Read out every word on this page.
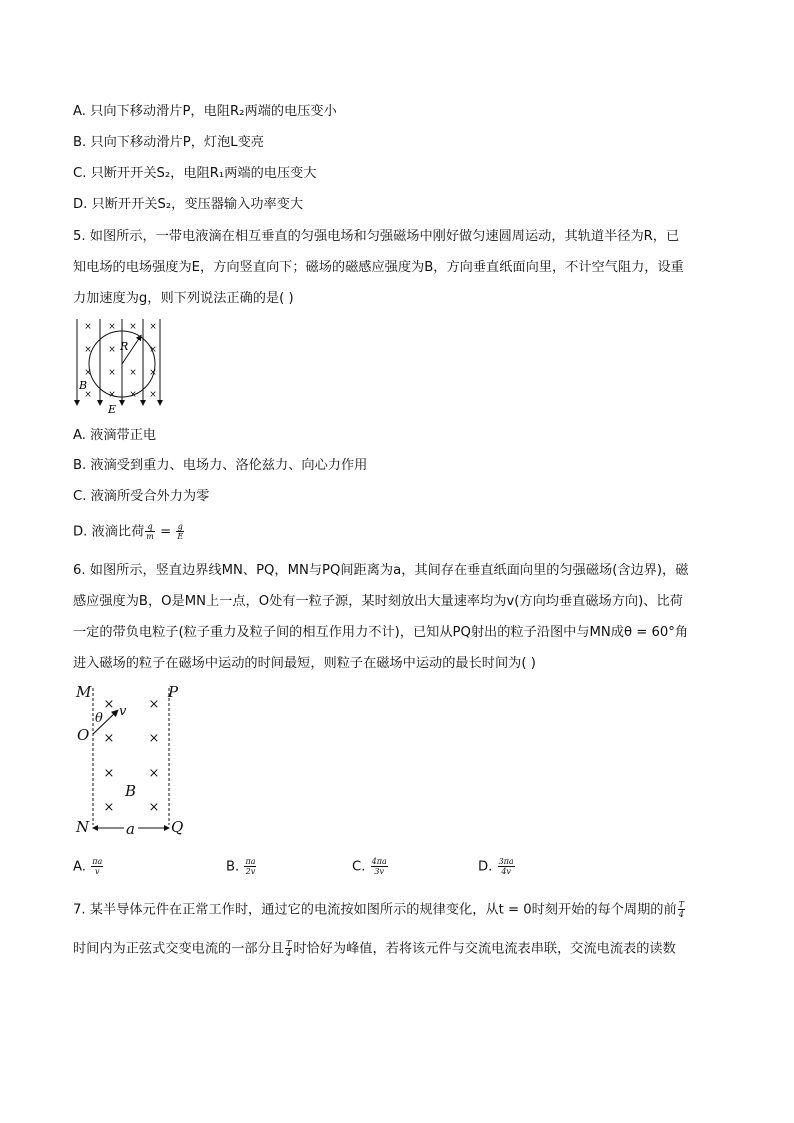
A. 只向下移动滑片P，电阻R₂两端的电压变小
B. 只向下移动滑片P，灯泡L变亮
C. 只断开开关S₂，电阻R₁两端的电压变大
D. 只断开开关S₂，变压器输入功率变大
5. 如图所示，一带电液滴在相互垂直的匀强电场和匀强磁场中刚好做匀速圆周运动，其轨道半径为R，已
知电场的电场强度为E，方向竖直向下；磁场的磁感应强度为B，方向垂直纸面向里，不计空气阻力，设重
力加速度为g，则下列说法正确的是( )
× × × ×
× ×	×
× × × ×
× × × ×
R
B
E
A. 液滴带正电
B. 液滴受到重力、电场力、洛伦兹力、向心力作用
C. 液滴所受合外力为零
D. 液滴比荷 $\frac{q}{m} = \frac{g}{E}$
6. 如图所示，竖直边界线MN、PQ，MN与PQ间距离为a，其间存在垂直纸面向里的匀强磁场(含边界)，磁
感应强度为B，O是MN上一点，O处有一粒子源，某时刻放出大量速率均为v(方向均垂直磁场方向)、比荷
一定的带负电粒子(粒子重力及粒子间的相互作用力不计)，已知从PQ射出的粒子沿图中与MN成θ = 60°角
进入磁场的粒子在磁场中运动的时间最短，则粒子在磁场中运动的最长时间为( )
×	×
×	×
×	×
×	×
M	P
O
N	Q
B
a
θ v
A. $\frac{\pi a}{v}$	B. $\frac{\pi a}{2v}$	C. $\frac{4\pi a}{3v}$	D. $\frac{3\pi a}{4v}$
7. 某半导体元件在正常工作时，通过它的电流按如图所示的规律变化，从t = 0时刻开始的每个周期的前 $\frac{T}{4}$
时间内为正弦式交变电流的一部分且 $\frac{T}{4}$ 时恰好为峰值，若将该元件与交流电流表串联，交流电流表的读数
